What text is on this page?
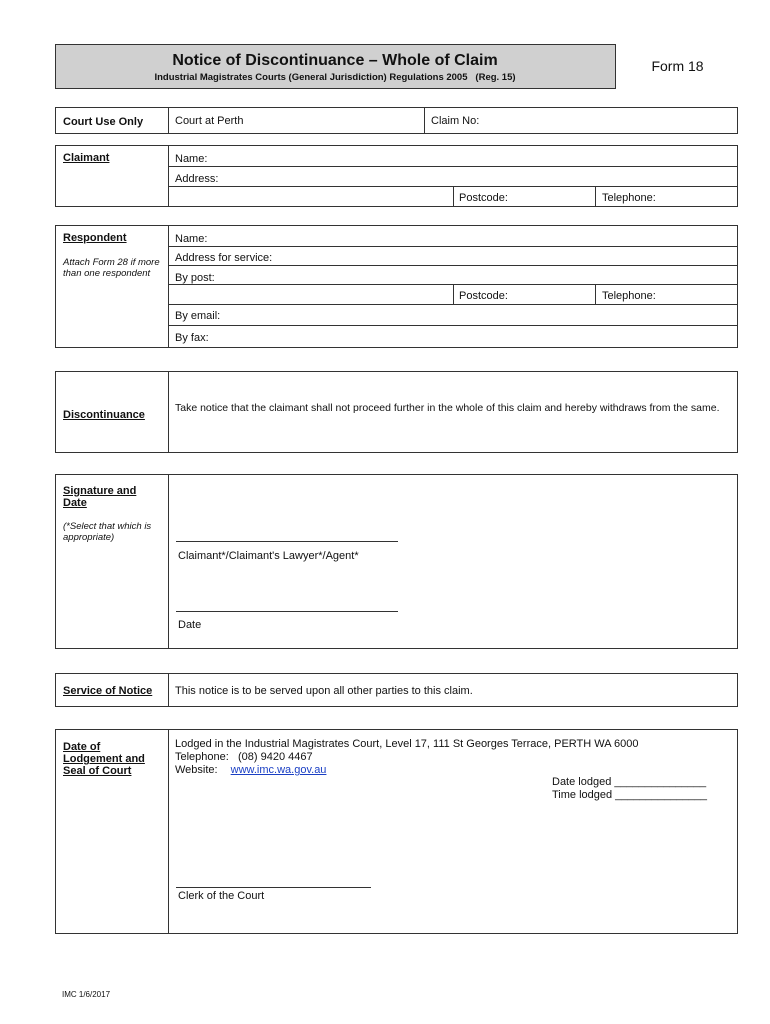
Notice of Discontinuance – Whole of Claim
Industrial Magistrates Courts (General Jurisdiction) Regulations 2005   (Reg. 15)
Form 18
Court Use Only	Court at Perth	Claim No:
Claimant	Name:
Address:
Postcode:	Telephone:
Respondent
Attach Form 28 if more than one respondent
Name:
Address for service:
By post:
Postcode:	Telephone:
By email:
By fax:
Discontinuance
Take notice that the claimant shall not proceed further in the whole of this claim and hereby withdraws from the same.
Signature and Date
(*Select that which is appropriate)
Claimant*/Claimant's Lawyer*/Agent*
Date
Service of Notice This notice is to be served upon all other parties to this claim.
Date of Lodgement and Seal of Court
Lodged in the Industrial Magistrates Court, Level 17, 111 St Georges Terrace, PERTH WA 6000
Telephone:   (08) 9420 4467
Website: www.imc.wa.gov.au
Date lodged _______________
Time lodged _______________
Clerk of the Court
IMC 1/6/2017
